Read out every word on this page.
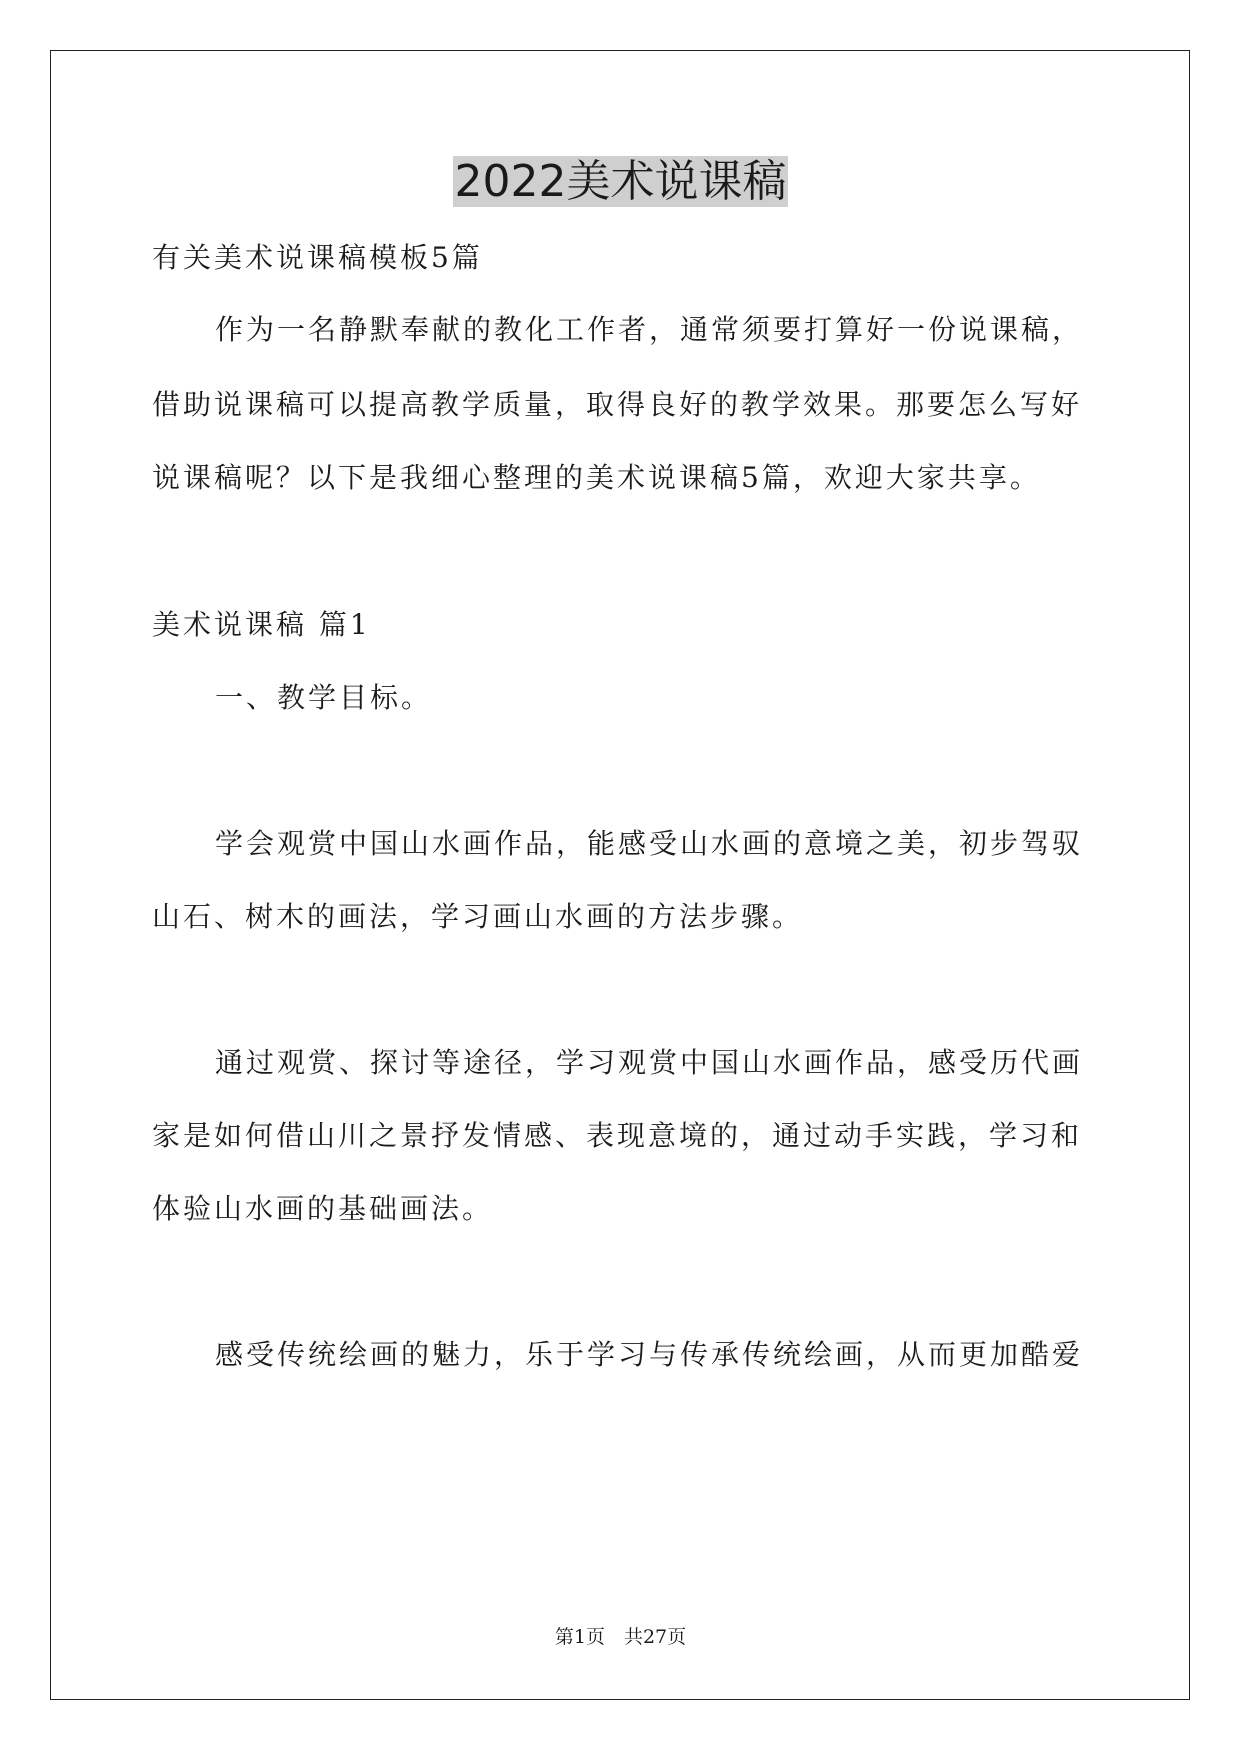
2022美术说课稿
有关美术说课稿模板5篇
作为一名静默奉献的教化工作者，通常须要打算好一份说课稿，
借助说课稿可以提高教学质量，取得良好的教学效果。那要怎么写好
说课稿呢？以下是我细心整理的美术说课稿5篇，欢迎大家共享。
美术说课稿 篇1
一、教学目标。
学会观赏中国山水画作品，能感受山水画的意境之美，初步驾驭
山石、树木的画法，学习画山水画的方法步骤。
通过观赏、探讨等途径，学习观赏中国山水画作品，感受历代画
家是如何借山川之景抒发情感、表现意境的，通过动手实践，学习和
体验山水画的基础画法。
感受传统绘画的魅力，乐于学习与传承传统绘画，从而更加酷爱
第1页　共27页
